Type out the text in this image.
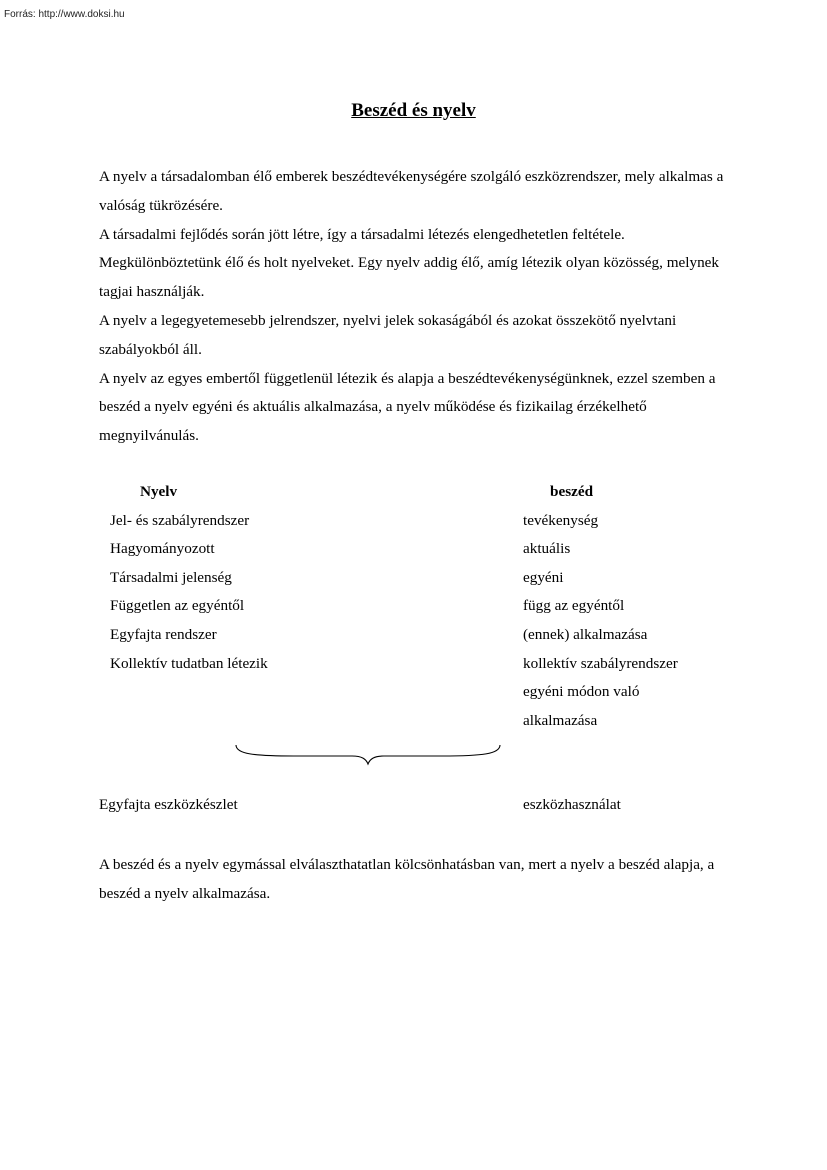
Forrás: http://www.doksi.hu
Beszéd és nyelv

A nyelv a társadalomban élő emberek beszédtevékenységére szolgáló eszközrendszer, mely alkalmas a valóság tükrözésére.

A társadalmi fejlődés során jött létre, így a társadalmi létezés elengedhetetlen feltétele.

Megkülönböztetünk élő és holt nyelveket. Egy nyelv addig élő, amíg létezik olyan közösség, melynek tagjai használják.

A nyelv a legegyetemesebb jelrendszer, nyelvi jelek sokaságából és azokat összekötő nyelvtani szabályokból áll.

A nyelv az egyes embertől függetlenül létezik és alapja a beszédtevékenységünknek, ezzel szemben a beszéd a nyelv egyéni és aktuális alkalmazása, a nyelv működése és fizikailag érzékelhető megnyilvánulás.

Nyelv
Jel- és szabályrendszer
Hagyományozott
Társadalmi jelenség
Független az egyéntől
Egyfajta rendszer
Kollektív tudatban létezik
beszéd
tevékenység
aktuális
egyéni
függ az egyéntől
(ennek) alkalmazása
kollektív szabályrendszer
egyéni módon való
alkalmazása
Egyfajta eszközkészlet	eszközhasználat
A beszéd és a nyelv egymással elválaszthatatlan kölcsönhatásban van, mert a nyelv a beszéd alapja, a beszéd a nyelv alkalmazása.
